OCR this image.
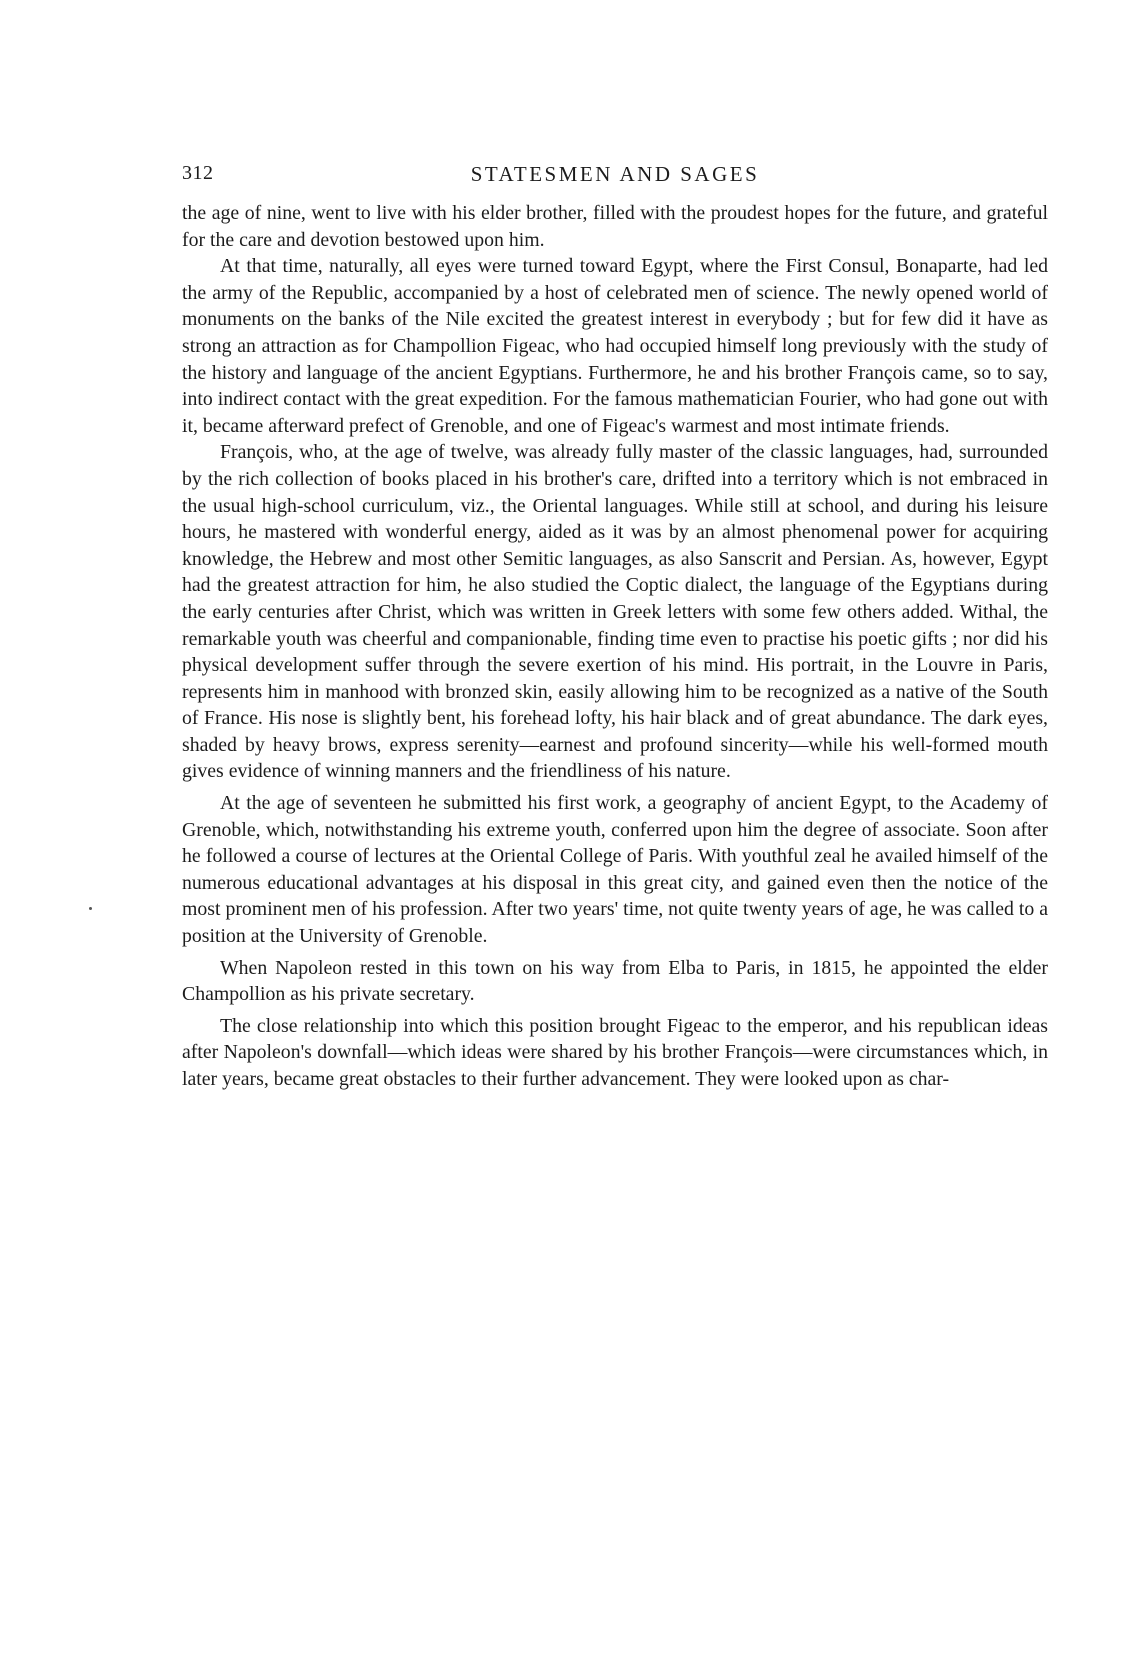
312	STATESMEN AND SAGES

the age of nine, went to live with his elder brother, filled with the proudest hopes for the future, and grateful for the care and devotion bestowed upon him.

At that time, naturally, all eyes were turned toward Egypt, where the First Consul, Bonaparte, had led the army of the Republic, accompanied by a host of celebrated men of science. The newly opened world of monuments on the banks of the Nile excited the greatest interest in everybody ; but for few did it have as strong an attraction as for Champollion Figeac, who had occupied himself long previously with the study of the history and language of the ancient Egyptians. Furthermore, he and his brother François came, so to say, into indirect contact with the great expedition. For the famous mathematician Fourier, who had gone out with it, became afterward prefect of Grenoble, and one of Figeac's warmest and most intimate friends.

François, who, at the age of twelve, was already fully master of the classic languages, had, surrounded by the rich collection of books placed in his brother's care, drifted into a territory which is not embraced in the usual high-school curriculum, viz., the Oriental languages. While still at school, and during his leisure hours, he mastered with wonderful energy, aided as it was by an almost phenomenal power for acquiring knowledge, the Hebrew and most other Semitic languages, as also Sanscrit and Persian. As, however, Egypt had the greatest attraction for him, he also studied the Coptic dialect, the language of the Egyptians during the early centuries after Christ, which was written in Greek letters with some few others added. Withal, the remarkable youth was cheerful and companionable, finding time even to practise his poetic gifts ; nor did his physical development suffer through the severe exertion of his mind. His portrait, in the Louvre in Paris, represents him in manhood with bronzed skin, easily allowing him to be recognized as a native of the South of France. His nose is slightly bent, his forehead lofty, his hair black and of great abundance. The dark eyes, shaded by heavy brows, express serenity—earnest and profound sincerity—while his well-formed mouth gives evidence of winning manners and the friendliness of his nature.

At the age of seventeen he submitted his first work, a geography of ancient Egypt, to the Academy of Grenoble, which, notwithstanding his extreme youth, conferred upon him the degree of associate. Soon after he followed a course of lectures at the Oriental College of Paris. With youthful zeal he availed himself of the numerous educational advantages at his disposal in this great city, and gained even then the notice of the most prominent men of his profession. After two years' time, not quite twenty years of age, he was called to a position at the University of Grenoble.

When Napoleon rested in this town on his way from Elba to Paris, in 1815, he appointed the elder Champollion as his private secretary.

The close relationship into which this position brought Figeac to the emperor, and his republican ideas after Napoleon's downfall—which ideas were shared by his brother François—were circumstances which, in later years, became great obstacles to their further advancement. They were looked upon as char-
